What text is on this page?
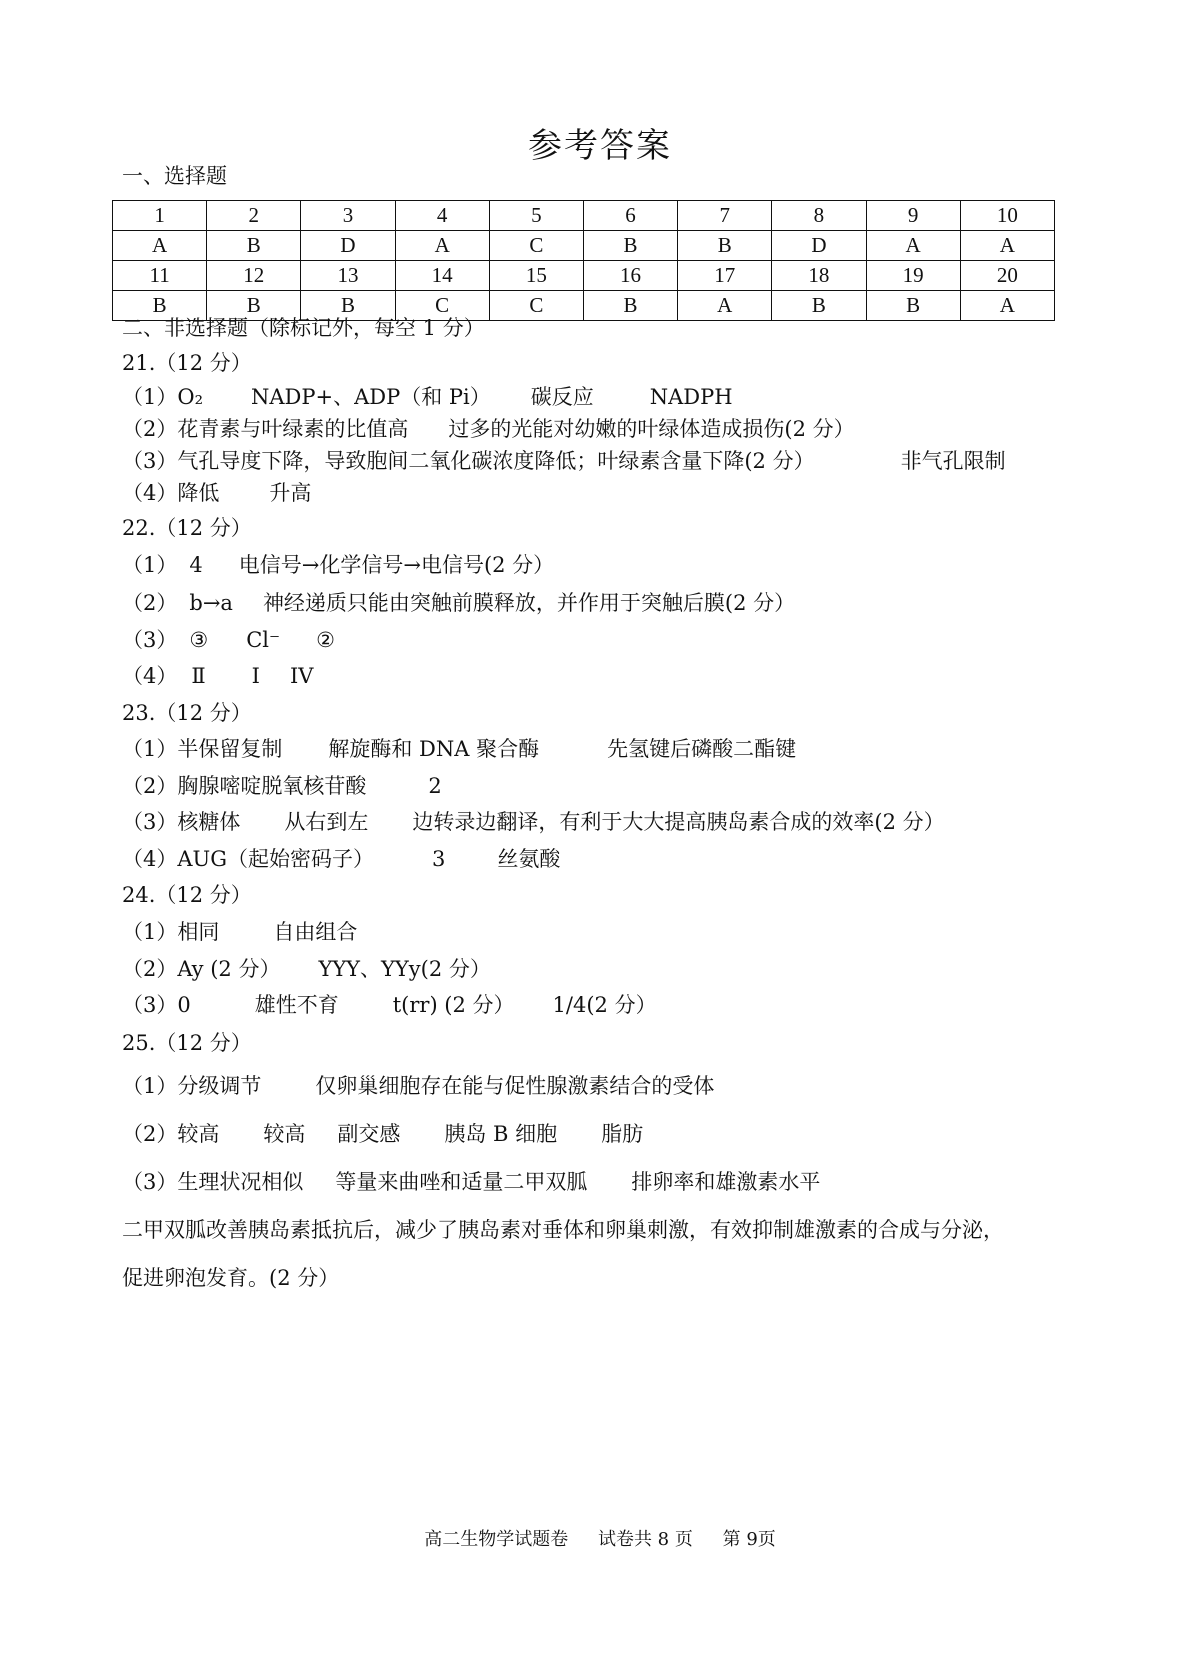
参考答案
一、选择题
1	2	3	4	5	6	7	8	9	10
A	B	D	A	C	B	B	D	A	A
11	12	13	14	15	16	17	18	19	20
B	B	B	C	C	B	A	B	B	A
二、非选择题（除标记外，每空 1 分）
21.（12 分）
（1）O₂ NADP+、ADP（和 Pi） 碳反应	NADPH
（2）花青素与叶绿素的比值高 过多的光能对幼嫩的叶绿体造成损伤(2 分）
（3）气孔导度下降，导致胞间二氧化碳浓度降低；叶绿素含量下降(2 分）	非气孔限制
（4）降低 升高
22.（12 分）
（1） 4 电信号→化学信号→电信号(2 分）
（2） b→a 神经递质只能由突触前膜释放，并作用于突触后膜(2 分）
（3） ③ Cl⁻ ②
（4） Ⅱ I IV
23.（12 分）
（1）半保留复制 解旋酶和 DNA 聚合酶	先氢键后磷酸二酯键
（2）胸腺嘧啶脱氧核苷酸	2
（3）核糖体 从右到左 边转录边翻译，有利于大大提高胰岛素合成的效率(2 分）
（4）AUG（起始密码子）	3 丝氨酸
24.（12 分）
（1）相同	自由组合
（2）Ay (2 分） YYY、YYy(2 分）
（3）0	雄性不育	t(rr) (2 分） 1/4(2 分）
25.（12 分）
（1）分级调节	仅卵巢细胞存在能与促性腺激素结合的受体
（2）较高 较高 副交感 胰岛 B 细胞 脂肪
（3）生理状况相似 等量来曲唑和适量二甲双胍 排卵率和雄激素水平
二甲双胍改善胰岛素抵抗后，减少了胰岛素对垂体和卵巢刺激，有效抑制雄激素的合成与分泌，
促进卵泡发育。(2 分）
高二生物学试题卷 试卷共 8 页 第 9页
